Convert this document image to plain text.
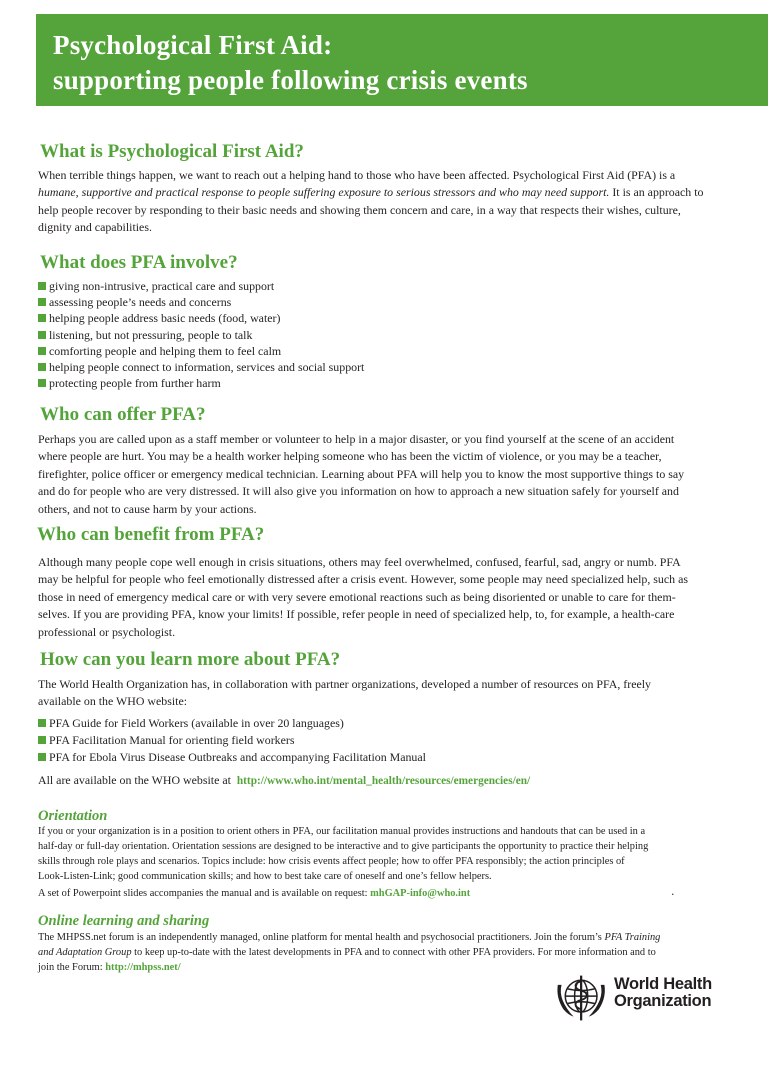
Psychological First Aid:
supporting people following crisis events
What is Psychological First Aid?
When terrible things happen, we want to reach out a helping hand to those who have been affected. Psychological First Aid (PFA) is a
humane, supportive and practical response to people suffering exposure to serious stressors and who may need support. It is an approach to
help people recover by responding to their basic needs and showing them concern and care, in a way that respects their wishes, culture,
dignity and capabilities.
What does PFA involve?
giving non-intrusive, practical care and support
assessing people’s needs and concerns
helping people address basic needs (food, water)
listening, but not pressuring, people to talk
comforting people and helping them to feel calm
helping people connect to information, services and social support
protecting people from further harm
Who can offer PFA?
Perhaps you are called upon as a staff member or volunteer to help in a major disaster, or you find yourself at the scene of an accident
where people are hurt. You may be a health worker helping someone who has been the victim of violence, or you may be a teacher,
firefighter, police officer or emergency medical technician. Learning about PFA will help you to know the most supportive things to say
and do for people who are very distressed. It will also give you information on how to approach a new situation safely for yourself and
others, and not to cause harm by your actions.
Who can benefit from PFA?
Although many people cope well enough in crisis situations, others may feel overwhelmed, confused, fearful, sad, angry or numb. PFA
may be helpful for people who feel emotionally distressed after a crisis event. However, some people may need specialized help, such as
those in need of emergency medical care or with very severe emotional reactions such as being disoriented or unable to care for them-
selves. If you are providing PFA, know your limits! If possible, refer people in need of specialized help, to, for example, a health-care
professional or psychologist.
How can you learn more about PFA?
The World Health Organization has, in collaboration with partner organizations, developed a number of resources on PFA, freely
available on the WHO website:
PFA Guide for Field Workers (available in over 20 languages)
PFA Facilitation Manual for orienting field workers
PFA for Ebola Virus Disease Outbreaks and accompanying Facilitation Manual
All are available on the WHO website at http://www.who.int/mental_health/resources/emergencies/en/
Orientation
If you or your organization is in a position to orient others in PFA, our facilitation manual provides instructions and handouts that can be used in a
half-day or full-day orientation. Orientation sessions are designed to be interactive and to give participants the opportunity to practice their helping
skills through role plays and scenarios. Topics include: how crisis events affect people; how to offer PFA responsibly; the action principles of
Look-Listen-Link; good communication skills; and how to best take care of oneself and one’s fellow helpers.
A set of Powerpoint slides accompanies the manual and is available on request: mhGAP-info@who.int	.
Online learning and sharing
The MHPSS.net forum is an independently managed, online platform for mental health and psychosocial practitioners. Join the forum’s PFA Training
and Adaptation Group to keep up-to-date with the latest developments in PFA and to connect with other PFA providers. For more information and to
join the Forum: http://mhpss.net/
World Health
Organization
